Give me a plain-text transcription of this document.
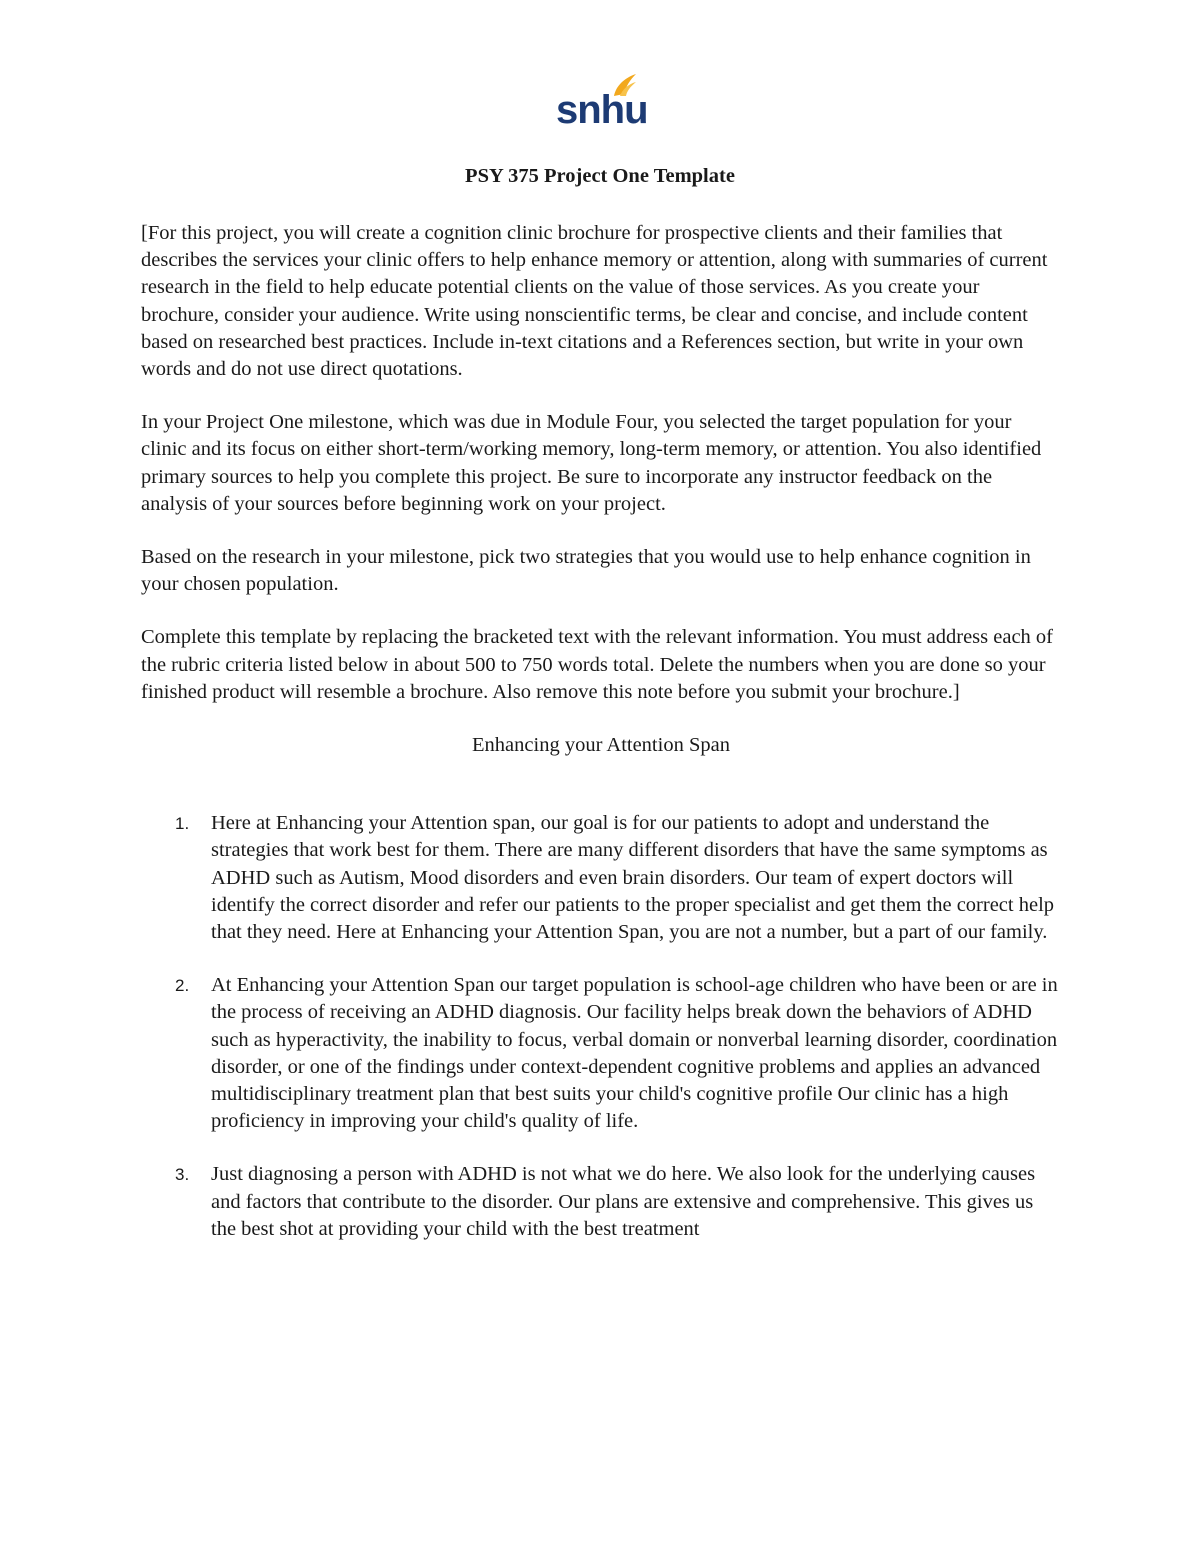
snhu
PSY 375 Project One Template

[For this project, you will create a cognition clinic brochure for prospective clients and their families that describes the services your clinic offers to help enhance memory or attention, along with summaries of current research in the field to help educate potential clients on the value of those services. As you create your brochure, consider your audience. Write using nonscientific terms, be clear and concise, and include content based on researched best practices. Include in-text citations and a References section, but write in your own words and do not use direct quotations.

In your Project One milestone, which was due in Module Four, you selected the target population for your clinic and its focus on either short-term/working memory, long-term memory, or attention. You also identified primary sources to help you complete this project. Be sure to incorporate any instructor feedback on the analysis of your sources before beginning work on your project.

Based on the research in your milestone, pick two strategies that you would use to help enhance cognition in your chosen population.

Complete this template by replacing the bracketed text with the relevant information. You must address each of the rubric criteria listed below in about 500 to 750 words total. Delete the numbers when you are done so your finished product will resemble a brochure. Also remove this note before you submit your brochure.]

Enhancing your Attention Span

1. Here at Enhancing your Attention span, our goal is for our patients to adopt and understand the strategies that work best for them. There are many different disorders that have the same symptoms as ADHD such as Autism, Mood disorders and even brain disorders. Our team of expert doctors will identify the correct disorder and refer our patients to the proper specialist and get them the correct help that they need. Here at Enhancing your Attention Span, you are not a number, but a part of our family.
2. At Enhancing your Attention Span our target population is school-age children who have been or are in the process of receiving an ADHD diagnosis. Our facility helps break down the behaviors of ADHD such as hyperactivity, the inability to focus, verbal domain or nonverbal learning disorder, coordination disorder, or one of the findings under context-dependent cognitive problems and applies an advanced multidisciplinary treatment plan that best suits your child's cognitive profile Our clinic has a high proficiency in improving your child's quality of life.
3. Just diagnosing a person with ADHD is not what we do here. We also look for the underlying causes and factors that contribute to the disorder. Our plans are extensive and comprehensive. This gives us the best shot at providing your child with the best treatment
